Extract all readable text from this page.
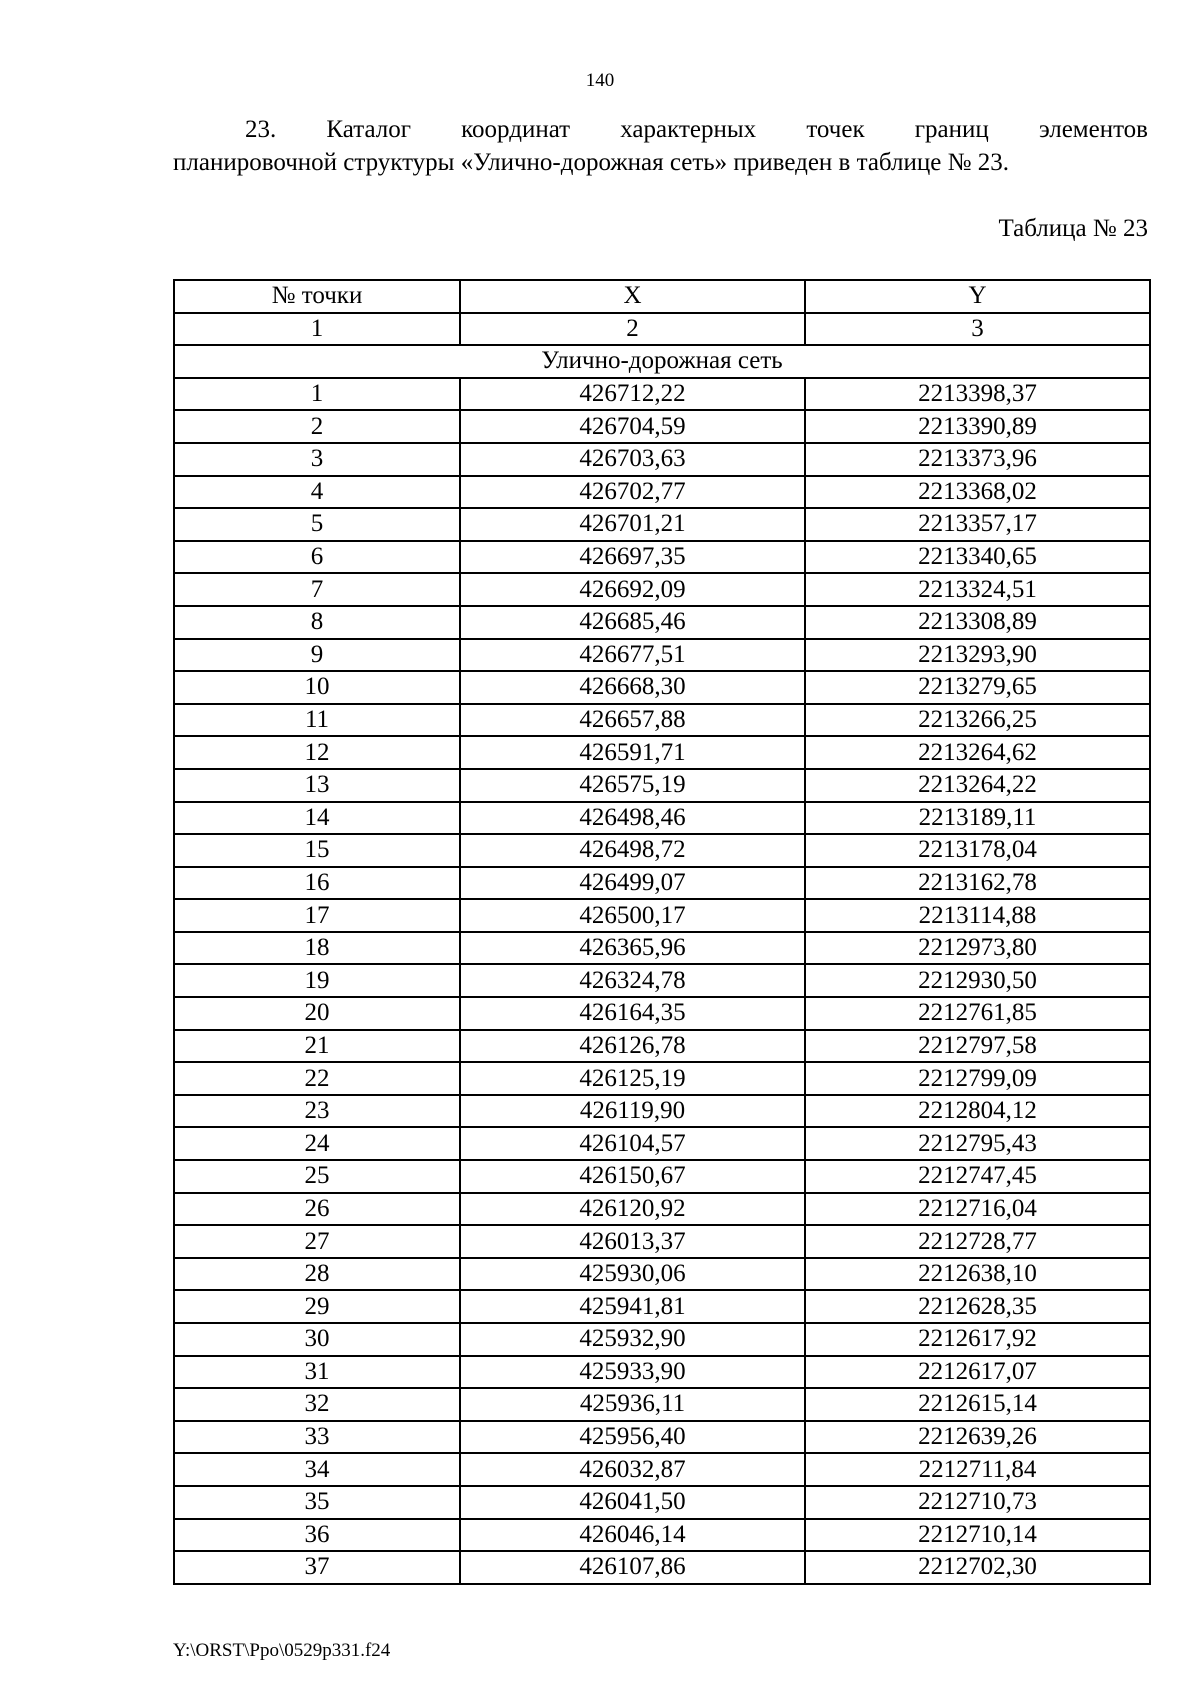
140
23. Каталог координат характерных точек границ элементов
планировочной структуры «Улично-дорожная сеть» приведен в таблице № 23.
Таблица № 23
№ точки	X	Y
1	2	3
Улично-дорожная сеть		
1	426712,22	2213398,37
2	426704,59	2213390,89
3	426703,63	2213373,96
4	426702,77	2213368,02
5	426701,21	2213357,17
6	426697,35	2213340,65
7	426692,09	2213324,51
8	426685,46	2213308,89
9	426677,51	2213293,90
10	426668,30	2213279,65
11	426657,88	2213266,25
12	426591,71	2213264,62
13	426575,19	2213264,22
14	426498,46	2213189,11
15	426498,72	2213178,04
16	426499,07	2213162,78
17	426500,17	2213114,88
18	426365,96	2212973,80
19	426324,78	2212930,50
20	426164,35	2212761,85
21	426126,78	2212797,58
22	426125,19	2212799,09
23	426119,90	2212804,12
24	426104,57	2212795,43
25	426150,67	2212747,45
26	426120,92	2212716,04
27	426013,37	2212728,77
28	425930,06	2212638,10
29	425941,81	2212628,35
30	425932,90	2212617,92
31	425933,90	2212617,07
32	425936,11	2212615,14
33	425956,40	2212639,26
34	426032,87	2212711,84
35	426041,50	2212710,73
36	426046,14	2212710,14
37	426107,86	2212702,30
Y:\ORST\Ppo\0529p331.f24
